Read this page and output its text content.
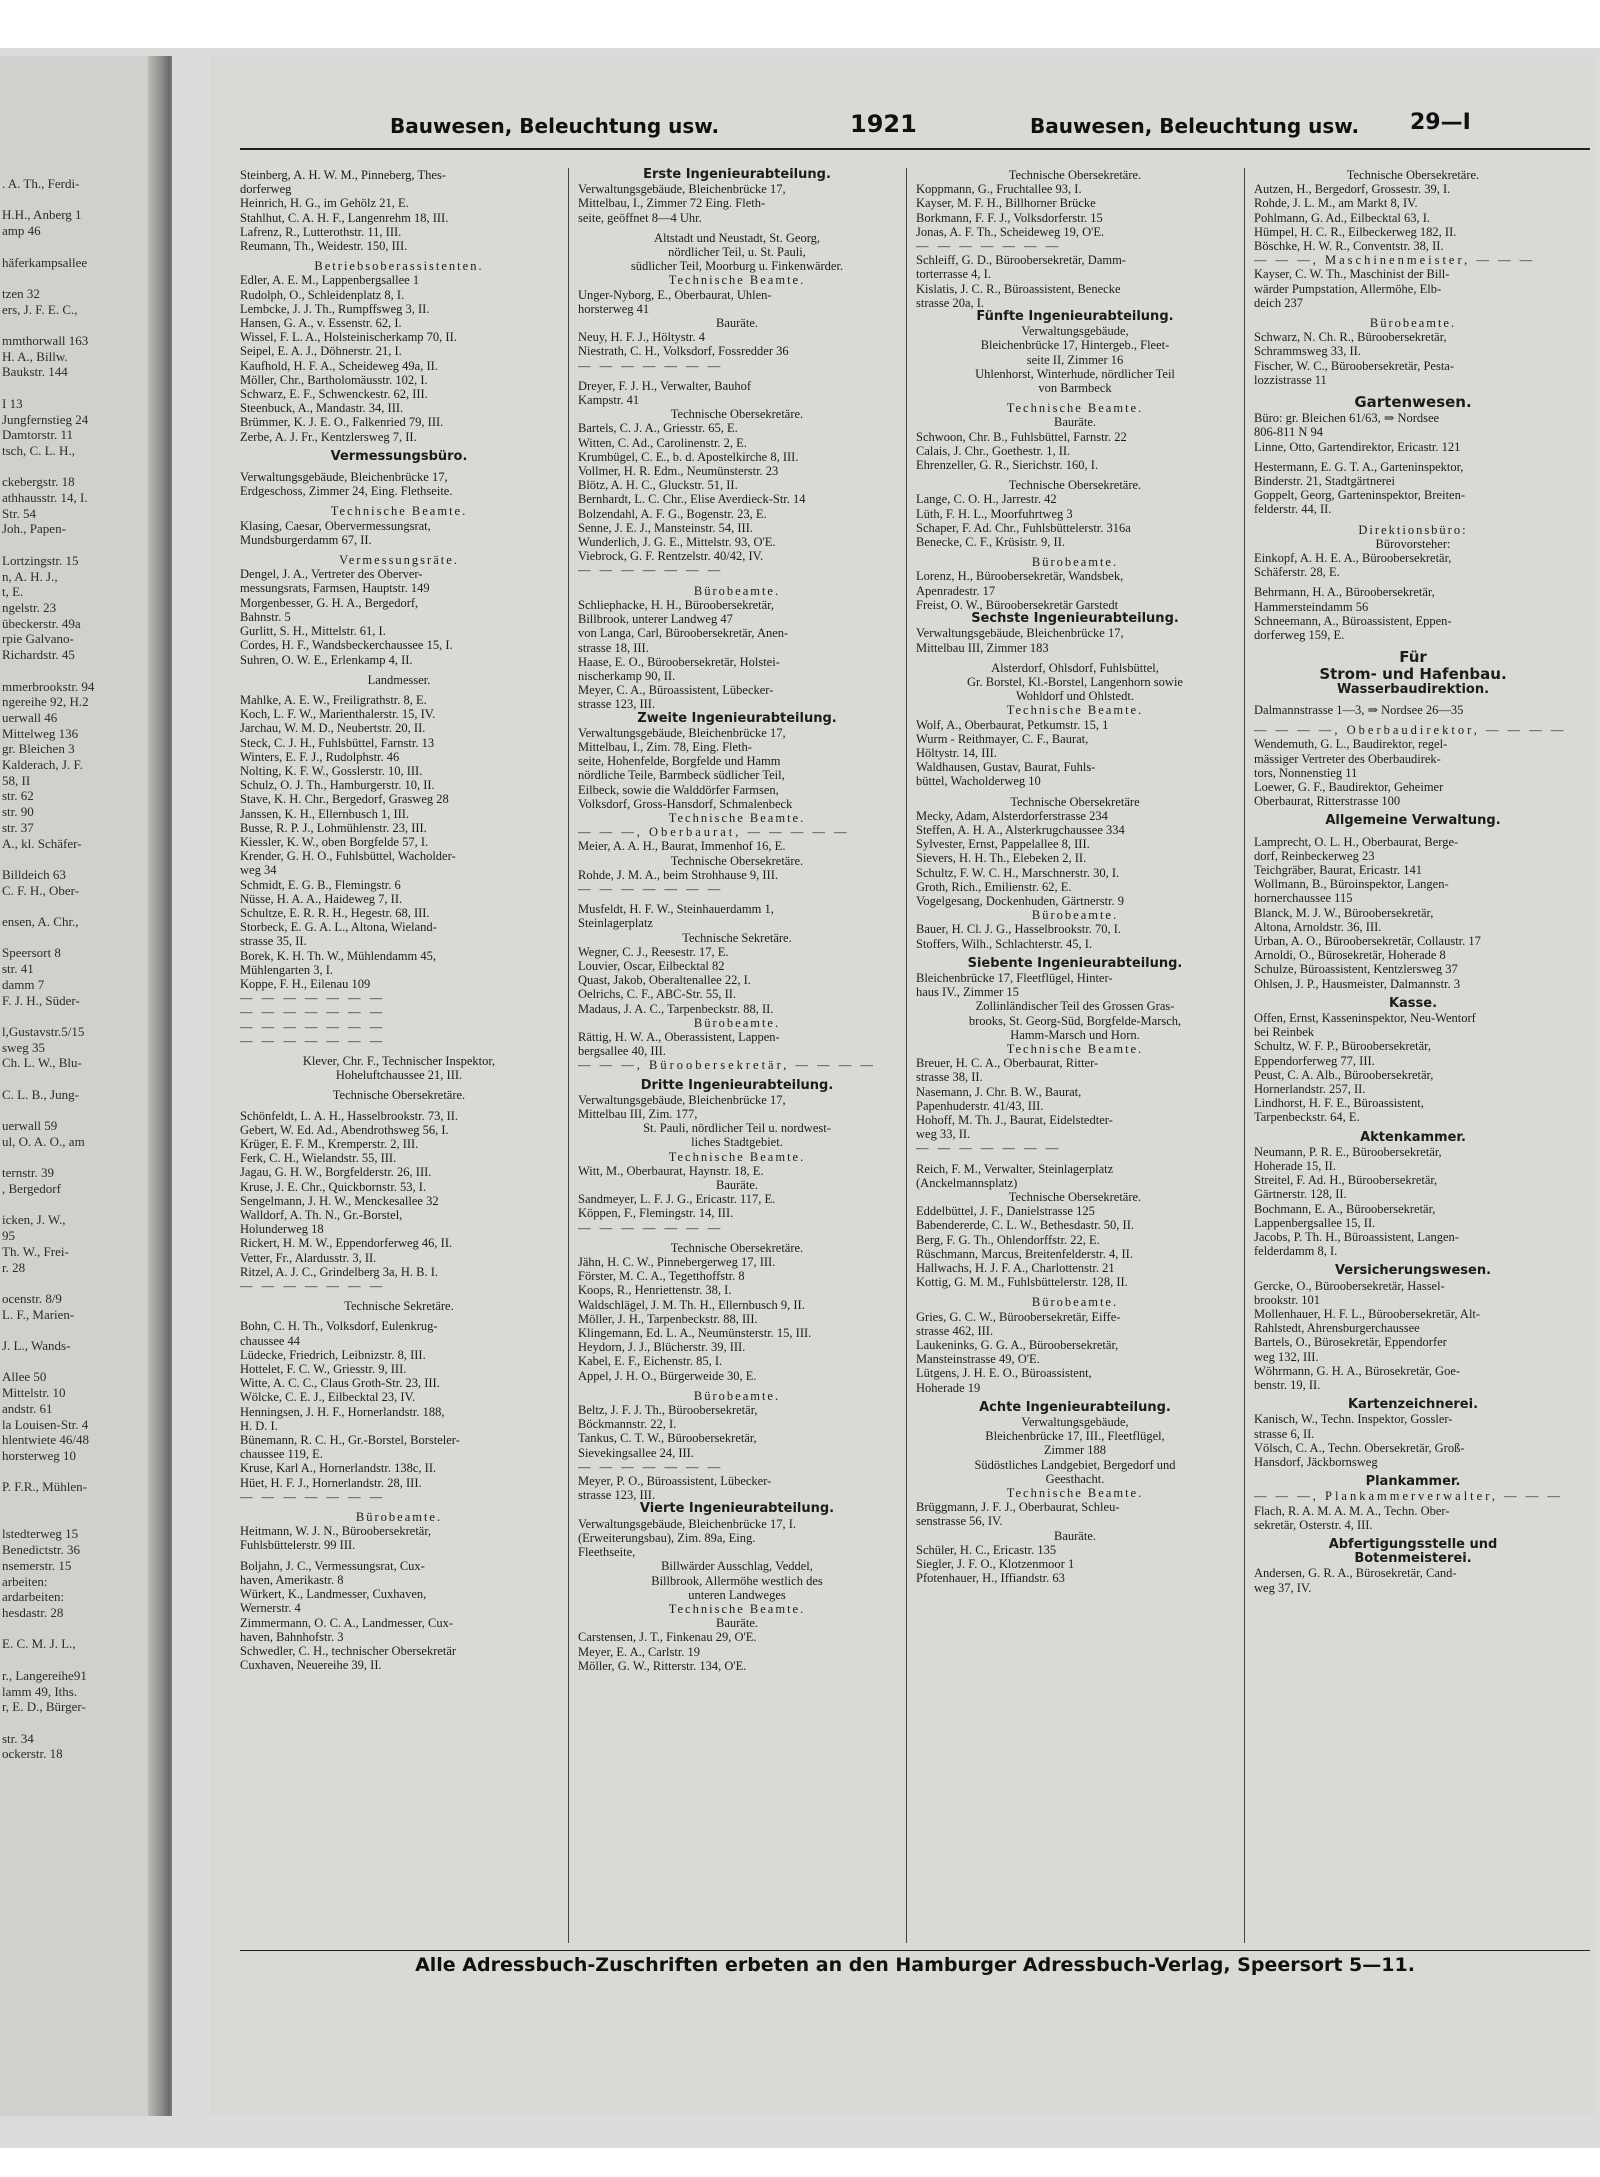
. A. Th., Ferdi-

H.H., Anberg 1
amp 46

häferkampsallee

tzen 32
ers, J. F. E. C.,

mmthorwall 163
H. A., Billw.
Baukstr. 144

I 13
Jungfernstieg 24
Damtorstr. 11
tsch, C. L. H.,

ckebergstr. 18
athhausstr. 14, I.
Str. 54
Joh., Papen-

Lortzingstr. 15
n, A. H. J.,
t, E.
ngelstr. 23
übeckerstr. 49a
rpie Galvano-
Richardstr. 45

mmerbrookstr. 94
ngereihe 92, H.2
uerwall 46
Mittelweg 136
gr. Bleichen 3
Kalderach, J. F.
58, II
str. 62
str. 90
str. 37
A., kl. Schäfer-

Billdeich 63
C. F. H., Ober-

ensen, A. Chr.,

Speersort 8
str. 41
damm 7
F. J. H., Süder-

l,Gustavstr.5/15
sweg 35
Ch. L. W., Blu-

C. L. B., Jung-

uerwall 59
ul, O. A. O., am

ternstr. 39
, Bergedorf

icken, J. W.,
95
Th. W., Frei-
r. 28

ocenstr. 8/9
L. F., Marien-

J. L., Wands-

Allee 50
Mittelstr. 10
andstr. 61
la Louisen-Str. 4
hlentwiete 46/48
horsterweg 10

P. F.R., Mühlen-

lstedterweg 15
Benedictstr. 36
nsemerstr. 15
arbeiten:
ardarbeiten:
hesdastr. 28

E. C. M. J. L.,

r., Langereihe91
lamm 49, Iths.
r, E. D., Bürger-

str. 34
ockerstr. 18
Bauwesen, Beleuchtung usw.	1921	Bauwesen, Beleuchtung usw. 29—I
Steinberg, A. H. W. M., Pinneberg, Thes-
dorferweg
Heinrich, H. G., im Gehölz 21, E.
Stahlhut, C. A. H. F., Langenrehm 18, III.
Lafrenz, R., Lutterothstr. 11, III.
Reumann, Th., Weidestr. 150, III.
Betriebsoberassistenten.
Edler, A. E. M., Lappenbergsallee 1
Rudolph, O., Schleidenplatz 8, I.
Lembcke, J. J. Th., Rumpffsweg 3, II.
Hansen, G. A., v. Essenstr. 62, I.
Wissel, F. L. A., Holsteinischerkamp 70, II.
Seipel, E. A. J., Döhnerstr. 21, I.
Kaufhold, H. F. A., Scheideweg 49a, II.
Möller, Chr., Bartholomäusstr. 102, I.
Schwarz, E. F., Schwenckestr. 62, III.
Steenbuck, A., Mandastr. 34, III.
Brümmer, K. J. E. O., Falkenried 79, III.
Zerbe, A. J. Fr., Kentzlersweg 7, II.
Vermessungsbüro.
Verwaltungsgebäude, Bleichenbrücke 17,
Erdgeschoss, Zimmer 24, Eing. Flethseite.
Technische Beamte.
Klasing, Caesar, Obervermessungsrat,
Mundsburgerdamm 67, II.
Vermessungsräte.
Dengel, J. A., Vertreter des Oberver-
messungsrats, Farmsen, Hauptstr. 149
Morgenbesser, G. H. A., Bergedorf,
Bahnstr. 5
Gurlitt, S. H., Mittelstr. 61, I.
Cordes, H. F., Wandsbeckerchaussee 15, I.
Suhren, O. W. E., Erlenkamp 4, II.
Landmesser.
Mahlke, A. E. W., Freiligrathstr. 8, E.
Koch, L. F. W., Marienthalerstr. 15, IV.
Jarchau, W. M. D., Neubertstr. 20, II.
Steck, C. J. H., Fuhlsbüttel, Farnstr. 13
Winters, E. F. J., Rudolphstr. 46
Nolting, K. F. W., Gosslerstr. 10, III.
Schulz, O. J. Th., Hamburgerstr. 10, II.
Stave, K. H. Chr., Bergedorf, Grasweg 28
Janssen, K. H., Ellernbusch 1, III.
Busse, R. P. J., Lohmühlenstr. 23, III.
Kiessler, K. W., oben Borgfelde 57, I.
Krender, G. H. O., Fuhlsbüttel, Wacholder-
weg 34
Schmidt, E. G. B., Flemingstr. 6
Nüsse, H. A. A., Haideweg 7, II.
Schultze, E. R. R. H., Hegestr. 68, III.
Storbeck, E. G. A. L., Altona, Wieland-
strasse 35, II.
Borek, K. H. Th. W., Mühlendamm 45,
Mühlengarten 3, I.
Koppe, F. H., Eilenau 109
— — — — — — —
— — — — — — —
— — — — — — —
— — — — — — —
Klever, Chr. F., Technischer Inspektor,
Hoheluftchaussee 21, III.
Technische Obersekretäre.
Schönfeldt, L. A. H., Hasselbrookstr. 73, II.
Gebert, W. Ed. Ad., Abendrothsweg 56, I.
Krüger, E. F. M., Kremperstr. 2, III.
Ferk, C. H., Wielandstr. 55, III.
Jagau, G. H. W., Borgfelderstr. 26, III.
Kruse, J. E. Chr., Quickbornstr. 53, I.
Sengelmann, J. H. W., Menckesallee 32
Walldorf, A. Th. N., Gr.-Borstel,
Holunderweg 18
Rickert, H. M. W., Eppendorferweg 46, II.
Vetter, Fr., Alardusstr. 3, II.
Ritzel, A. J. C., Grindelberg 3a, H. B. I.
— — — — — — —
Technische Sekretäre.
Bohn, C. H. Th., Volksdorf, Eulenkrug-
chaussee 44
Lüdecke, Friedrich, Leibnizstr. 8, III.
Hottelet, F. C. W., Griesstr. 9, III.
Witte, A. C. C., Claus Groth-Str. 23, III.
Wölcke, C. E. J., Eilbecktal 23, IV.
Henningsen, J. H. F., Hornerlandstr. 188,
H. D. I.
Bünemann, R. C. H., Gr.-Borstel, Borsteler-
chaussee 119, E.
Kruse, Karl A., Hornerlandstr. 138c, II.
Hüet, H. F. J., Hornerlandstr. 28, III.
— — — — — — —
Bürobeamte.
Heitmann, W. J. N., Büroobersekretär,
Fuhlsbüttelerstr. 99 III.
Boljahn, J. C., Vermessungsrat, Cux-
haven, Amerikastr. 8
Würkert, K., Landmesser, Cuxhaven,
Wernerstr. 4
Zimmermann, O. C. A., Landmesser, Cux-
haven, Bahnhofstr. 3
Schwedler, C. H., technischer Obersekretär
Cuxhaven, Neuereihe 39, II.
Erste Ingenieurabteilung.
Verwaltungsgebäude, Bleichenbrücke 17,
Mittelbau, I., Zimmer 72 Eing. Fleth-
seite, geöffnet 8—4 Uhr.
Altstadt und Neustadt, St. Georg,
nördlicher Teil, u. St. Pauli,
südlicher Teil, Moorburg u. Finkenwärder.
Technische Beamte.
Unger-Nyborg, E., Oberbaurat, Uhlen-
horsterweg 41
Bauräte.
Neuy, H. F. J., Höltystr. 4
Niestrath, C. H., Volksdorf, Fossredder 36
— — — — — — —
Dreyer, F. J. H., Verwalter, Bauhof
Kampstr. 41
Technische Obersekretäre.
Bartels, C. J. A., Griesstr. 65, E.
Witten, C. Ad., Carolinenstr. 2, E.
Krumbügel, C. E., b. d. Apostelkirche 8, III.
Vollmer, H. R. Edm., Neumünsterstr. 23
Blötz, A. H. C., Gluckstr. 51, II.
Bernhardt, L. C. Chr., Elise Averdieck-Str. 14
Bolzendahl, A. F. G., Bogenstr. 23, E.
Senne, J. E. J., Mansteinstr. 54, III.
Wunderlich, J. G. E., Mittelstr. 93, O'E.
Viebrock, G. F. Rentzelstr. 40/42, IV.
— — — — — — —
Bürobeamte.
Schliephacke, H. H., Büroobersekretär,
Billbrook, unterer Landweg 47
von Langa, Carl, Büroobersekretär, Anen-
strasse 18, III.
Haase, E. O., Büroobersekretär, Holstei-
nischerkamp 90, II.
Meyer, C. A., Büroassistent, Lübecker-
strasse 123, III.
Zweite Ingenieurabteilung.
Verwaltungsgebäude, Bleichenbrücke 17,
Mittelbau, I., Zim. 78, Eing. Fleth-
seite, Hohenfelde, Borgfelde und Hamm
nördliche Teile, Barmbeck südlicher Teil,
Eilbeck, sowie die Walddörfer Farmsen,
Volksdorf, Gross-Hansdorf, Schmalenbeck
Technische Beamte.
— — —, Oberbaurat, — — — — —
Meier, A. A. H., Baurat, Immenhof 16, E.
Technische Obersekretäre.
Rohde, J. M. A., beim Strohhause 9, III.
— — — — — — —
Musfeldt, H. F. W., Steinhauerdamm 1,
Steinlagerplatz
Technische Sekretäre.
Wegner, C. J., Reesestr. 17, E.
Louvier, Oscar, Eilbecktal 82
Quast, Jakob, Oberaltenallee 22, I.
Oelrichs, C. F., ABC-Str. 55, II.
Madaus, J. A. C., Tarpenbeckstr. 88, II.
Bürobeamte.
Rättig, H. W. A., Oberassistent, Lappen-
bergsallee 40, III.
— — —, Büroobersekretär, — — — —
Dritte Ingenieurabteilung.
Verwaltungsgebäude, Bleichenbrücke 17,
Mittelbau III, Zim. 177,
St. Pauli, nördlicher Teil u. nordwest-
liches Stadtgebiet.
Technische Beamte.
Witt, M., Oberbaurat, Haynstr. 18, E.
Bauräte.
Sandmeyer, L. F. J. G., Ericastr. 117, E.
Köppen, F., Flemingstr. 14, III.
— — — — — — —
Technische Obersekretäre.
Jähn, H. C. W., Pinnebergerweg 17, III.
Förster, M. C. A., Tegetthoffstr. 8
Koops, R., Henriettenstr. 38, I.
Waldschlägel, J. M. Th. H., Ellernbusch 9, II.
Möller, J. H., Tarpenbeckstr. 88, III.
Klingemann, Ed. L. A., Neumünsterstr. 15, III.
Heydorn, J. J., Blücherstr. 39, III.
Kabel, E. F., Eichenstr. 85, I.
Appel, J. H. O., Bürgerweide 30, E.
Bürobeamte.
Beltz, J. F. J. Th., Büroobersekretär,
Böckmannstr. 22, I.
Tankus, C. T. W., Büroobersekretär,
Sievekingsallee 24, III.
— — — — — — —
Meyer, P. O., Büroassistent, Lübecker-
strasse 123, III.
Vierte Ingenieurabteilung.
Verwaltungsgebäude, Bleichenbrücke 17, I.
(Erweiterungsbau), Zim. 89a, Eing.
Fleethseite,
Billwärder Ausschlag, Veddel,
Billbrook, Allermöhe westlich des
unteren Landweges
Technische Beamte.
Bauräte.
Carstensen, J. T., Finkenau 29, O'E.
Meyer, E. A., Carlstr. 19
Möller, G. W., Ritterstr. 134, O'E.
Technische Obersekretäre.
Koppmann, G., Fruchtallee 93, I.
Kayser, M. F. H., Billhorner Brücke
Borkmann, F. F. J., Volksdorferstr. 15
Jonas, A. F. Th., Scheideweg 19, O'E.
— — — — — — —
Schleiff, G. D., Büroobersekretär, Damm-
torterrasse 4, I.
Kislatis, J. C. R., Büroassistent, Benecke
strasse 20a, I.
Fünfte Ingenieurabteilung.
Verwaltungsgebäude,
Bleichenbrücke 17, Hintergeb., Fleet-
seite II, Zimmer 16
Uhlenhorst, Winterhude, nördlicher Teil
von Barmbeck
Technische Beamte.
Bauräte.
Schwoon, Chr. B., Fuhlsbüttel, Farnstr. 22
Calais, J. Chr., Goethestr. 1, II.
Ehrenzeller, G. R., Sierichstr. 160, I.
Technische Obersekretäre.
Lange, C. O. H., Jarrestr. 42
Lüth, F. H. L., Moorfuhrtweg 3
Schaper, F. Ad. Chr., Fuhlsbüttelerstr. 316a
Benecke, C. F., Krüsistr. 9, II.
Bürobeamte.
Lorenz, H., Büroobersekretär, Wandsbek,
Apenradestr. 17
Freist, O. W., Büroobersekretär Garstedt
Sechste Ingenieurabteilung.
Verwaltungsgebäude, Bleichenbrücke 17,
Mittelbau III, Zimmer 183
Alsterdorf, Ohlsdorf, Fuhlsbüttel,
Gr. Borstel, Kl.-Borstel, Langenhorn sowie
Wohldorf und Ohlstedt.
Technische Beamte.
Wolf, A., Oberbaurat, Petkumstr. 15, 1
Wurm - Reithmayer, C. F., Baurat,
Höltystr. 14, III.
Waldhausen, Gustav, Baurat, Fuhls-
büttel, Wacholderweg 10
Technische Obersekretäre
Mecky, Adam, Alsterdorferstrasse 234
Steffen, A. H. A., Alsterkrugchaussee 334
Sylvester, Ernst, Pappelallee 8, III.
Sievers, H. H. Th., Elebeken 2, II.
Schultz, F. W. C. H., Marschnerstr. 30, I.
Groth, Rich., Emilienstr. 62, E.
Vogelgesang, Dockenhuden, Gärtnerstr. 9
Bürobeamte.
Bauer, H. Cl. J. G., Hasselbrookstr. 70, I.
Stoffers, Wilh., Schlachterstr. 45, I.
Siebente Ingenieurabteilung.
Bleichenbrücke 17, Fleetflügel, Hinter-
haus IV., Zimmer 15
Zollinländischer Teil des Grossen Gras-
brooks, St. Georg-Süd, Borgfelde-Marsch,
Hamm-Marsch und Horn.
Technische Beamte.
Breuer, H. C. A., Oberbaurat, Ritter-
strasse 38, II.
Nasemann, J. Chr. B. W., Baurat,
Papenhuderstr. 41/43, III.
Hohoff, M. Th. J., Baurat, Eidelstedter-
weg 33, II.
— — — — — — —
Reich, F. M., Verwalter, Steinlagerplatz
(Anckelmannsplatz)
Technische Obersekretäre.
Eddelbüttel, J. F., Danielstrasse 125
Babendererde, C. L. W., Bethesdastr. 50, II.
Berg, F. G. Th., Ohlendorffstr. 22, E.
Rüschmann, Marcus, Breitenfelderstr. 4, II.
Hallwachs, H. J. F. A., Charlottenstr. 21
Kottig, G. M. M., Fuhlsbüttelerstr. 128, II.
Bürobeamte.
Gries, G. C. W., Büroobersekretär, Eiffe-
strasse 462, III.
Laukeninks, G. G. A., Büroobersekretär,
Mansteinstrasse 49, O'E.
Lütgens, J. H. E. O., Büroassistent,
Hoherade 19
Achte Ingenieurabteilung.
Verwaltungsgebäude,
Bleichenbrücke 17, III., Fleetflügel,
Zimmer 188
Südöstliches Landgebiet, Bergedorf und
Geesthacht.
Technische Beamte.
Brüggmann, J. F. J., Oberbaurat, Schleu-
senstrasse 56, IV.
Bauräte.
Schüler, H. C., Ericastr. 135
Siegler, J. F. O., Klotzenmoor 1
Pfotenhauer, H., Iffiandstr. 63
Technische Obersekretäre.
Autzen, H., Bergedorf, Grossestr. 39, I.
Rohde, J. L. M., am Markt 8, IV.
Pohlmann, G. Ad., Eilbecktal 63, I.
Hümpel, H. C. R., Eilbeckerweg 182, II.
Böschke, H. W. R., Conventstr. 38, II.
— — —, Maschinenmeister, — — —
Kayser, C. W. Th., Maschinist der Bill-
wärder Pumpstation, Allermöhe, Elb-
deich 237
Bürobeamte.
Schwarz, N. Ch. R., Büroobersekretär,
Schrammsweg 33, II.
Fischer, W. C., Büroobersekretär, Pesta-
lozzistrasse 11
Gartenwesen.
Büro: gr. Bleichen 61/63, ⇒ Nordsee
806-811 N 94
Linne, Otto, Gartendirektor, Ericastr. 121
Hestermann, E. G. T. A., Garteninspektor,
Binderstr. 21, Stadtgärtnerei
Goppelt, Georg, Garteninspektor, Breiten-
felderstr. 44, II.
Direktionsbüro:
Bürovorsteher:
Einkopf, A. H. E. A., Büroobersekretär,
Schäferstr. 28, E.
Behrmann, H. A., Büroobersekretär,
Hammersteindamm 56
Schneemann, A., Büroassistent, Eppen-
dorferweg 159, E.
Für
Strom- und Hafenbau.
Wasserbaudirektion.
Dalmannstrasse 1—3, ⇒ Nordsee 26—35
— — — —, Oberbaudirektor, — — — —
Wendemuth, G. L., Baudirektor, regel-
mässiger Vertreter des Oberbaudirek-
tors, Nonnenstieg 11
Loewer, G. F., Baudirektor, Geheimer
Oberbaurat, Ritterstrasse 100
Allgemeine Verwaltung.
Lamprecht, O. L. H., Oberbaurat, Berge-
dorf, Reinbeckerweg 23
Teichgräber, Baurat, Ericastr. 141
Wollmann, B., Büroinspektor, Langen-
hornerchaussee 115
Blanck, M. J. W., Büroobersekretär,
Altona, Arnoldstr. 36, III.
Urban, A. O., Büroobersekretär, Collaustr. 17
Arnoldi, O., Bürosekretär, Hoherade 8
Schulze, Büroassistent, Kentzlersweg 37
Ohlsen, J. P., Hausmeister, Dalmannstr. 3
Kasse.
Offen, Ernst, Kasseninspektor, Neu-Wentorf
bei Reinbek
Schultz, W. F. P., Büroobersekretär,
Eppendorferweg 77, III.
Peust, C. A. Alb., Büroobersekretär,
Hornerlandstr. 257, II.
Lindhorst, H. F. E., Büroassistent,
Tarpenbeckstr. 64, E.
Aktenkammer.
Neumann, P. R. E., Büroobersekretär,
Hoherade 15, II.
Streitel, F. Ad. H., Büroobersekretär,
Gärtnerstr. 128, II.
Bochmann, E. A., Büroobersekretär,
Lappenbergsallee 15, II.
Jacobs, P. Th. H., Büroassistent, Langen-
felderdamm 8, I.
Versicherungswesen.
Gercke, O., Büroobersekretär, Hassel-
brookstr. 101
Mollenhauer, H. F. L., Büroobersekretär, Alt-
Rahlstedt, Ahrensburgerchaussee
Bartels, O., Bürosekretär, Eppendorfer
weg 132, III.
Wöhrmann, G. H. A., Bürosekretär, Goe-
benstr. 19, II.
Kartenzeichnerei.
Kanisch, W., Techn. Inspektor, Gossler-
strasse 6, II.
Völsch, C. A., Techn. Obersekretär, Groß-
Hansdorf, Jäckbornsweg
Plankammer.
— — —, Plankammerverwalter, — — —
Flach, R. A. M. A. M. A., Techn. Ober-
sekretär, Osterstr. 4, III.
Abfertigungsstelle und
Botenmeisterei.
Andersen, G. R. A., Bürosekretär, Cand-
weg 37, IV.
Alle Adressbuch-Zuschriften erbeten an den Hamburger Adressbuch-Verlag, Speersort 5—11.
